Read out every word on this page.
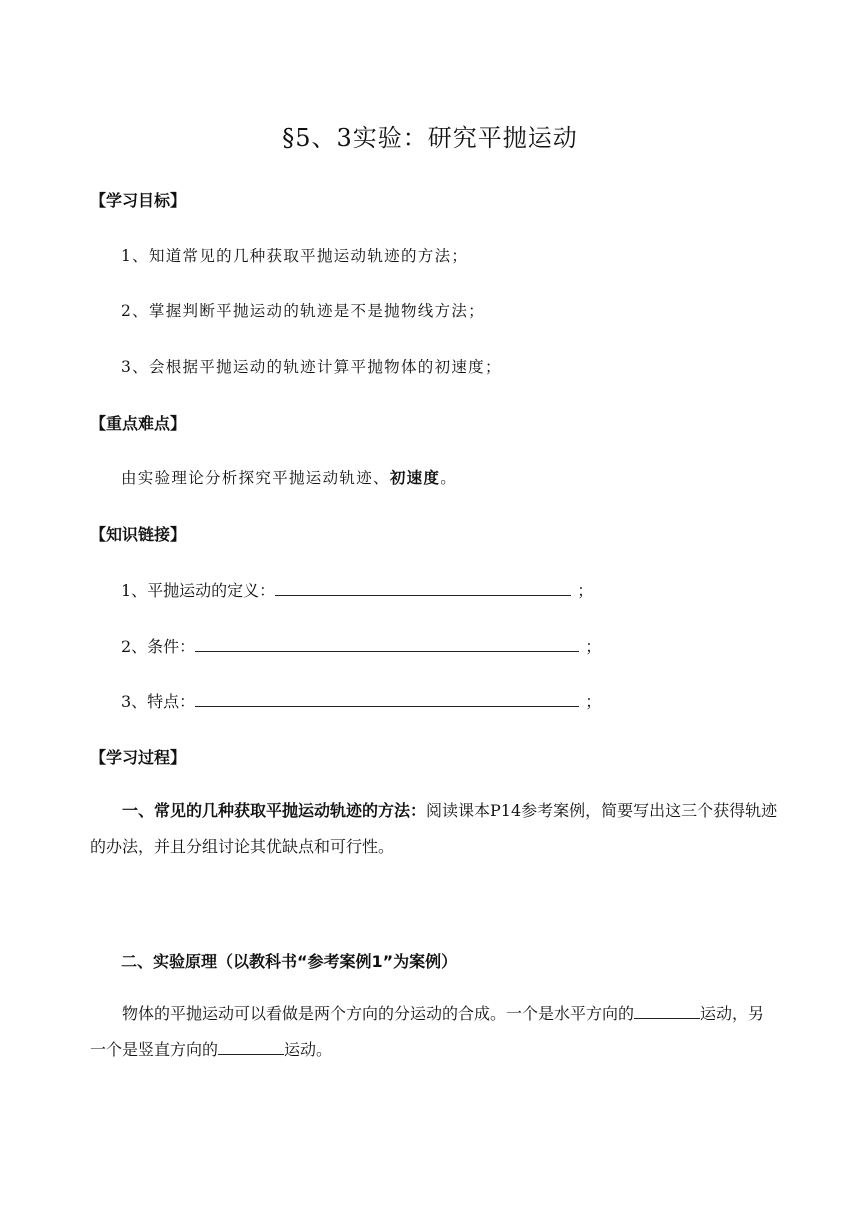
§5、3实验：研究平抛运动
【学习目标】
1、知道常见的几种获取平抛运动轨迹的方法；
2、掌握判断平抛运动的轨迹是不是抛物线方法；
3、会根据平抛运动的轨迹计算平抛物体的初速度；
【重点难点】
由实验理论分析探究平抛运动轨迹、初速度。
【知识链接】
1、平抛运动的定义：	；
2、条件：	；
3、特点：	；
【学习过程】
一、常见的几种获取平抛运动轨迹的方法：阅读课本P14参考案例，简要写出这三个获得轨迹的办法，并且分组讨论其优缺点和可行性。
二、实验原理（以教科书“参考案例1”为案例）
物体的平抛运动可以看做是两个方向的分运动的合成。一个是水平方向的	运动，另一个是竖直方向的	运动。
